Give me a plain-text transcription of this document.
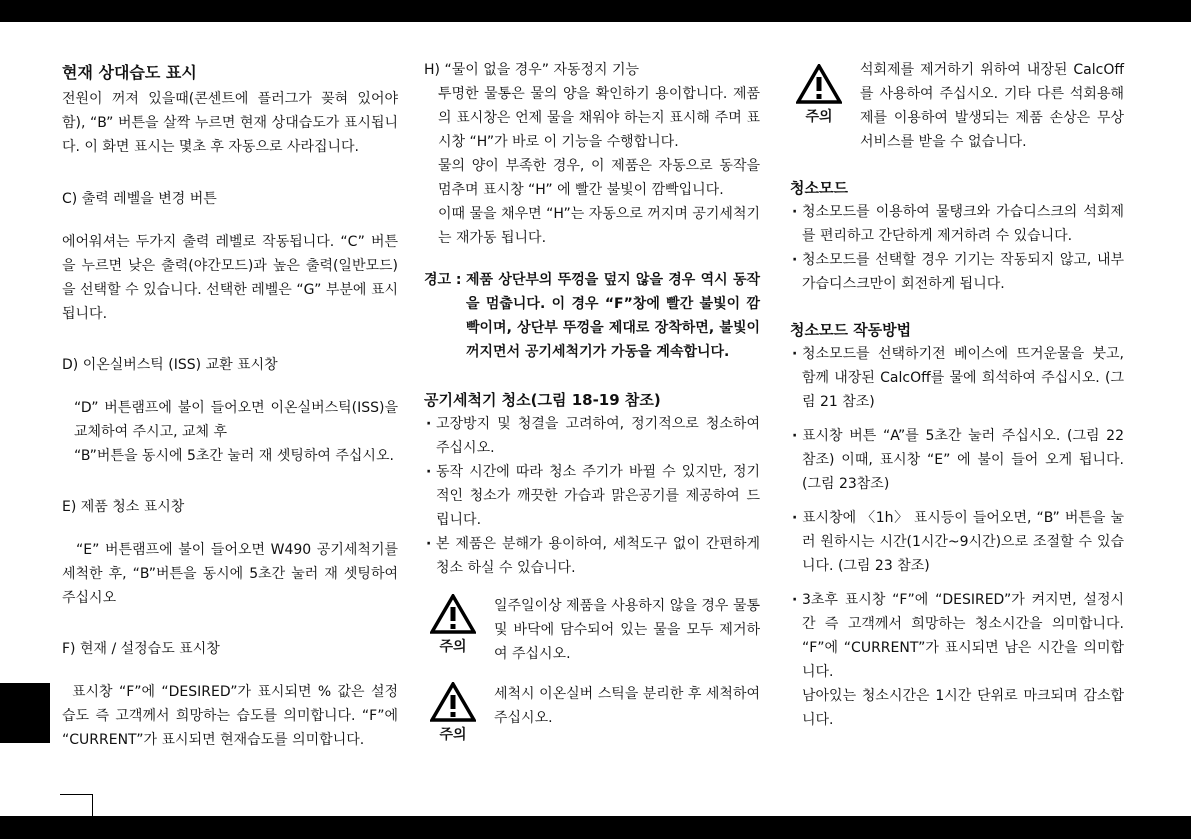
현재 상대습도 표시

전원이 꺼져 있을때(콘센트에 플러그가 꽂혀 있어야 함), “B” 버튼을 살짝 누르면 현재 상대습도가 표시됩니다. 이 화면 표시는 몇초 후 자동으로 사라집니다.

C) 출력 레벨을 변경 버튼

에어워셔는 두가지 출력 레벨로 작동됩니다. “C” 버튼을 누르면 낮은 출력(야간모드)과 높은 출력(일반모드)을 선택할 수 있습니다. 선택한 레벨은 “G” 부분에 표시됩니다.

D) 이온실버스틱 (ISS) 교환 표시창

“D” 버튼램프에 불이 들어오면 이온실버스틱(ISS)을 교체하여 주시고, 교체 후

“B”버튼을 동시에 5초간 눌러 재 셋팅하여 주십시오.

E) 제품 청소 표시창

“E” 버튼램프에 불이 들어오면 W490 공기세척기를 세척한 후, “B”버튼을 동시에 5초간 눌러 재 셋팅하여 주십시오

F) 현재 / 설정습도 표시창

표시창 “F”에 “DESIRED”가 표시되면 % 값은 설정습도 즉 고객께서 희망하는 습도를 의미합니다. “F”에 “CURRENT”가 표시되면 현재습도를 의미합니다.

H) “물이 없을 경우” 자동정지 기능

투명한 물통은 물의 양을 확인하기 용이합니다. 제품의 표시창은 언제 물을 채워야 하는지 표시해 주며 표시창 “H”가 바로 이 기능을 수행합니다.

물의 양이 부족한 경우, 이 제품은 자동으로 동작을 멈추며 표시창 “H” 에 빨간 불빛이 깜빡입니다.

이때 물을 채우면 “H”는 자동으로 꺼지며 공기세척기는 재가동 됩니다.

경고 : 제품 상단부의 뚜껑을 덮지 않을 경우 역시 동작을 멈춥니다. 이 경우 “F”창에 빨간 불빛이 깜빡이며, 상단부 뚜껑을 제대로 장착하면, 불빛이 꺼지면서 공기세척기가 가동을 계속합니다.

공기세척기 청소(그림 18-19 참조)

· 고장방지 및 청결을 고려하여, 정기적으로 청소하여 주십시오.

· 동작 시간에 따라 청소 주기가 바뀔 수 있지만, 정기적인 청소가 깨끗한 가습과 맑은공기를 제공하여 드립니다.

· 본 제품은 분해가 용이하여, 세척도구 없이 간편하게 청소 하실 수 있습니다.

주의
일주일이상 제품을 사용하지 않을 경우 물통 및 바닥에 담수되어 있는 물을 모두 제거하여 주십시오.
주의
세척시 이온실버 스틱을 분리한 후 세척하여 주십시오.
주의
석회제를 제거하기 위하여 내장된 CalcOff를 사용하여 주십시오. 기타 다른 석회용해제를 이용하여 발생되는 제품 손상은 무상서비스를 받을 수 없습니다.
청소모드

· 청소모드를 이용하여 물탱크와 가습디스크의 석회제를 편리하고 간단하게 제거하려 수 있습니다.

· 청소모드를 선택할 경우 기기는 작동되지 않고, 내부 가습디스크만이 회전하게 됩니다.

청소모드 작동방법

· 청소모드를 선택하기전 베이스에 뜨거운물을 붓고, 함께 내장된 CalcOff를 물에 희석하여 주십시오. (그림 21 참조)

· 표시창 버튼 “A”를 5초간 눌러 주십시오. (그림 22 참조) 이때, 표시창 “E” 에 불이 들어 오게 됩니다. (그림 23참조)

· 표시창에 〈1h〉 표시등이 들어오면, “B” 버튼을 눌러 원하시는 시간(1시간~9시간)으로 조절할 수 있습니다. (그림 23 참조)

· 3초후 표시창 “F”에 “DESIRED”가 켜지면, 설정시간 즉 고객께서 희망하는 청소시간을 의미합니다. “F”에 “CURRENT”가 표시되면 남은 시간을 의미합니다.

남아있는 청소시간은 1시간 단위로 마크되며 감소합니다.
